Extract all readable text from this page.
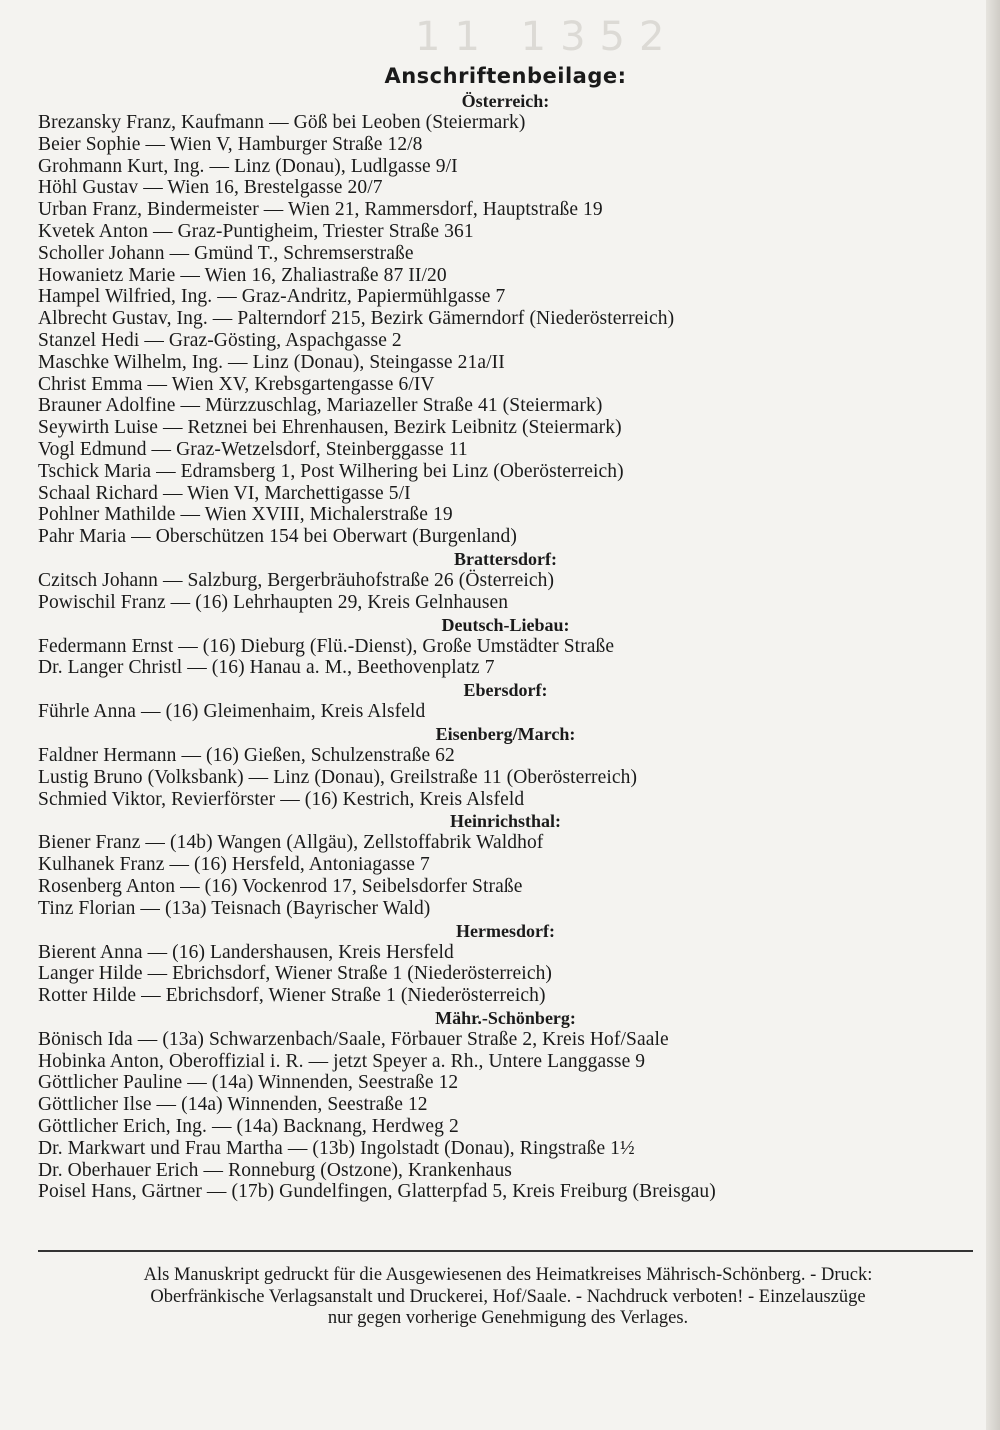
11 1352
Anschriftenbeilage:
Österreich:
Brezansky Franz, Kaufmann — Göß bei Leoben (Steiermark)
Beier Sophie — Wien V, Hamburger Straße 12/8
Grohmann Kurt, Ing. — Linz (Donau), Ludlgasse 9/I
Höhl Gustav — Wien 16, Brestelgasse 20/7
Urban Franz, Bindermeister — Wien 21, Rammersdorf, Hauptstraße 19
Kvetek Anton — Graz-Puntigheim, Triester Straße 361
Scholler Johann — Gmünd T., Schremserstraße
Howanietz Marie — Wien 16, Zhaliastraße 87 II/20
Hampel Wilfried, Ing. — Graz-Andritz, Papiermühlgasse 7
Albrecht Gustav, Ing. — Palterndorf 215, Bezirk Gämerndorf (Niederösterreich)
Stanzel Hedi — Graz-Gösting, Aspachgasse 2
Maschke Wilhelm, Ing. — Linz (Donau), Steingasse 21a/II
Christ Emma — Wien XV, Krebsgartengasse 6/IV
Brauner Adolfine — Mürzzuschlag, Mariazeller Straße 41 (Steiermark)
Seywirth Luise — Retznei bei Ehrenhausen, Bezirk Leibnitz (Steiermark)
Vogl Edmund — Graz-Wetzelsdorf, Steinberggasse 11
Tschick Maria — Edramsberg 1, Post Wilhering bei Linz (Oberösterreich)
Schaal Richard — Wien VI, Marchettigasse 5/I
Pohlner Mathilde — Wien XVIII, Michalerstraße 19
Pahr Maria — Oberschützen 154 bei Oberwart (Burgenland)
Brattersdorf:
Czitsch Johann — Salzburg, Bergerbräuhofstraße 26 (Österreich)
Powischil Franz — (16) Lehrhaupten 29, Kreis Gelnhausen
Deutsch-Liebau:
Federmann Ernst — (16) Dieburg (Flü.-Dienst), Große Umstädter Straße
Dr. Langer Christl — (16) Hanau a. M., Beethovenplatz 7
Ebersdorf:
Führle Anna — (16) Gleimenhaim, Kreis Alsfeld
Eisenberg/March:
Faldner Hermann — (16) Gießen, Schulzenstraße 62
Lustig Bruno (Volksbank) — Linz (Donau), Greilstraße 11 (Oberösterreich)
Schmied Viktor, Revierförster — (16) Kestrich, Kreis Alsfeld
Heinrichsthal:
Biener Franz — (14b) Wangen (Allgäu), Zellstoffabrik Waldhof
Kulhanek Franz — (16) Hersfeld, Antoniagasse 7
Rosenberg Anton — (16) Vockenrod 17, Seibelsdorfer Straße
Tinz Florian — (13a) Teisnach (Bayrischer Wald)
Hermesdorf:
Bierent Anna — (16) Landershausen, Kreis Hersfeld
Langer Hilde — Ebrichsdorf, Wiener Straße 1 (Niederösterreich)
Rotter Hilde — Ebrichsdorf, Wiener Straße 1 (Niederösterreich)
Mähr.-Schönberg:
Bönisch Ida — (13a) Schwarzenbach/Saale, Förbauer Straße 2, Kreis Hof/Saale
Hobinka Anton, Oberoffizial i. R. — jetzt Speyer a. Rh., Untere Langgasse 9
Göttlicher Pauline — (14a) Winnenden, Seestraße 12
Göttlicher Ilse — (14a) Winnenden, Seestraße 12
Göttlicher Erich, Ing. — (14a) Backnang, Herdweg 2
Dr. Markwart und Frau Martha — (13b) Ingolstadt (Donau), Ringstraße 1½
Dr. Oberhauer Erich — Ronneburg (Ostzone), Krankenhaus
Poisel Hans, Gärtner — (17b) Gundelfingen, Glatterpfad 5, Kreis Freiburg (Breisgau)
Als Manuskript gedruckt für die Ausgewiesenen des Heimatkreises Mährisch-Schönberg. - Druck:
Oberfränkische Verlagsanstalt und Druckerei, Hof/Saale. - Nachdruck verboten! - Einzelauszüge
nur gegen vorherige Genehmigung des Verlages.
